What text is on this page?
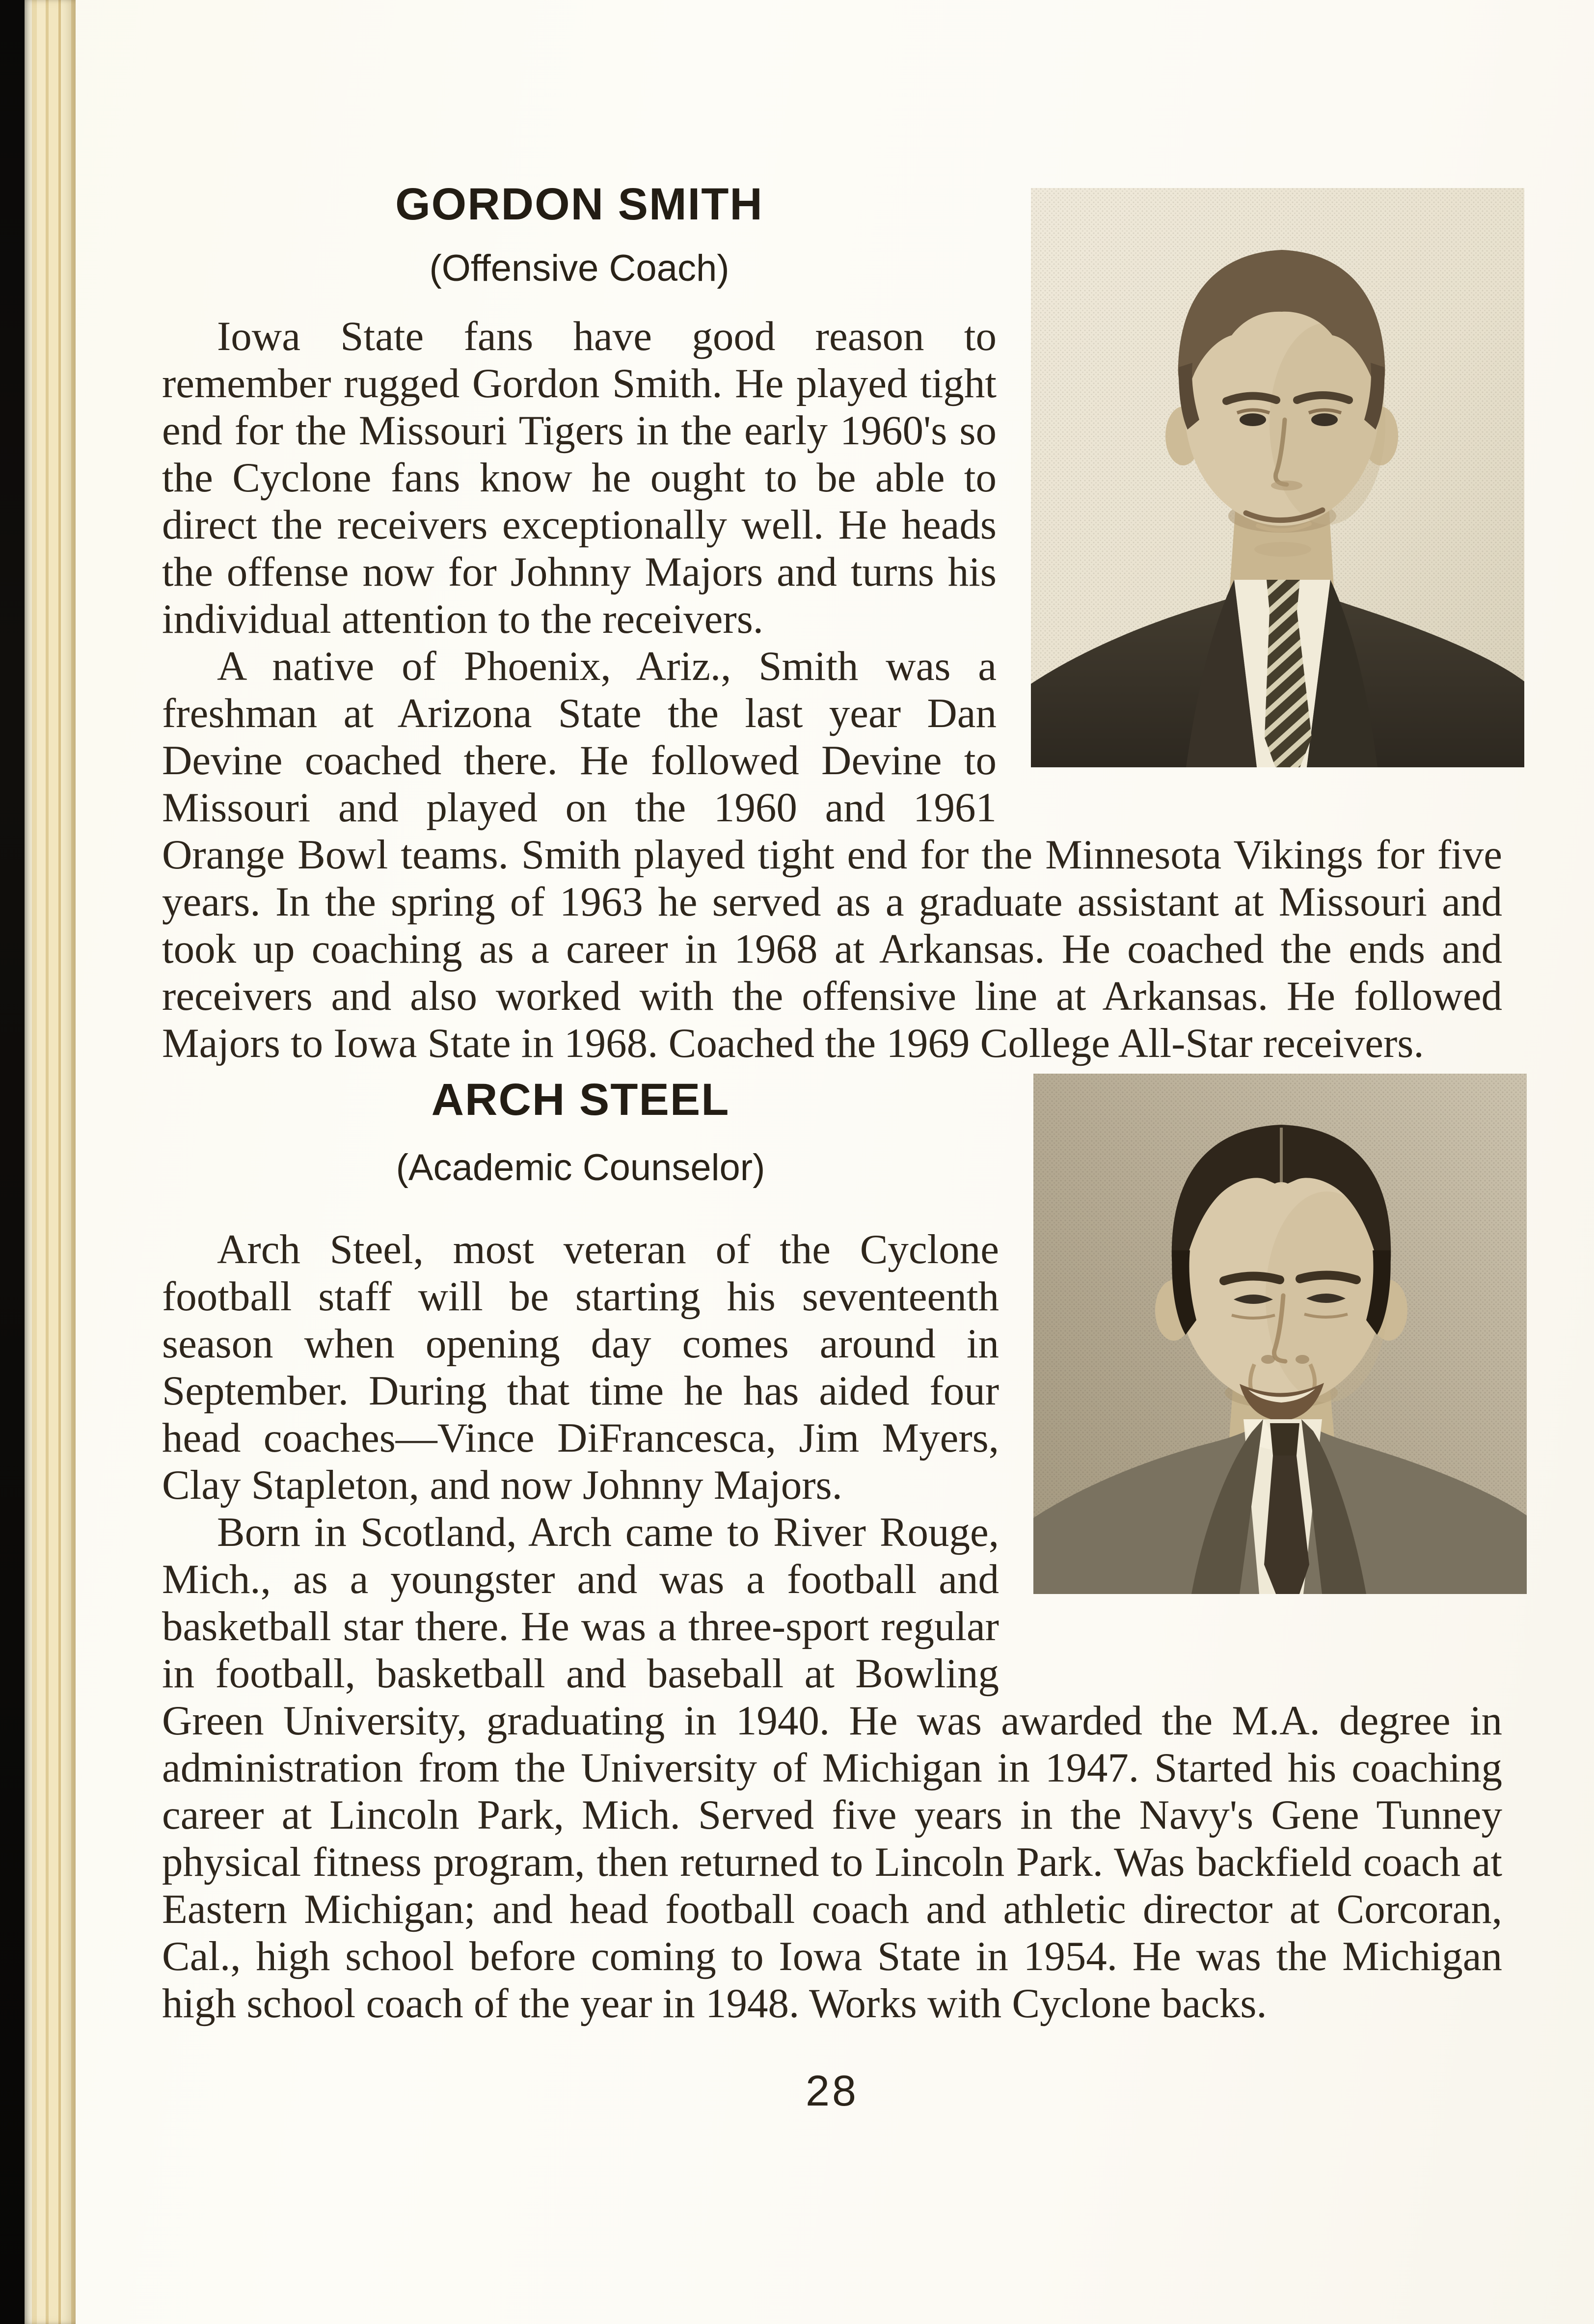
GORDON SMITH
(Offensive Coach)

Iowa State fans have good reason to remember rugged Gordon Smith. He played tight end for the Missouri Tigers in the early 1960's so the Cyclone fans know he ought to be able to direct the receivers exceptionally well. He heads the offense now for Johnny Majors and turns his individual attention to the receivers.

A native of Phoenix, Ariz., Smith was a freshman at Arizona State the last year Dan Devine coached there. He followed Devine to Missouri and played on the 1960 and 1961 Orange Bowl teams. Smith played tight end for the Minnesota Vikings for five years. In the spring of 1963 he served as a graduate assistant at Missouri and took up coaching as a career in 1968 at Arkansas. He coached the ends and receivers and also worked with the offensive line at Arkansas. He followed Majors to Iowa State in 1968. Coached the 1969 College All-Star receivers.

ARCH STEEL
(Academic Counselor)

Arch Steel, most veteran of the Cyclone football staff will be starting his seventeenth season when opening day comes around in September. During that time he has aided four head coaches—Vince DiFrancesca, Jim Myers, Clay Stapleton, and now Johnny Majors.

Born in Scotland, Arch came to River Rouge, Mich., as a youngster and was a football and basketball star there. He was a three-sport regular in football, basketball and baseball at Bowling Green University, graduating in 1940. He was awarded the M.A. degree in administration from the University of Michigan in 1947. Started his coaching career at Lincoln Park, Mich. Served five years in the Navy's Gene Tunney physical fitness program, then returned to Lincoln Park. Was backfield coach at Eastern Michigan; and head football coach and athletic director at Corcoran, Cal., high school before coming to Iowa State in 1954. He was the Michigan high school coach of the year in 1948. Works with Cyclone backs.

28
